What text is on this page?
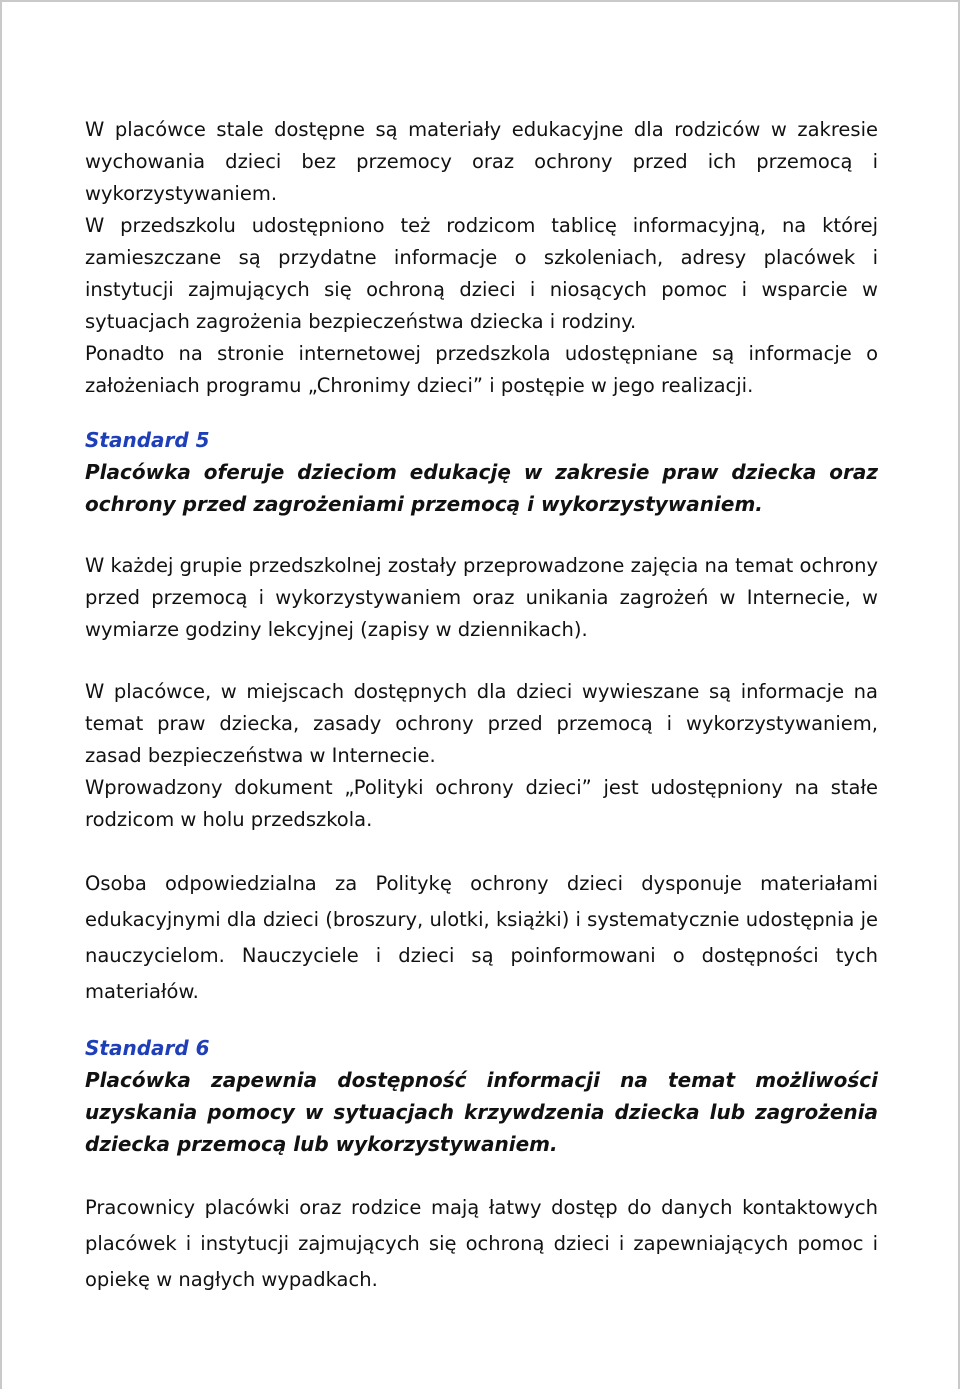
W placówce stale dostępne są materiały edukacyjne dla rodziców w zakresie wychowania dzieci bez przemocy oraz ochrony przed ich przemocą i wykorzystywaniem.

W przedszkolu udostępniono też rodzicom tablicę informacyjną, na której zamieszczane są przydatne informacje o szkoleniach, adresy placówek i instytucji zajmujących się ochroną dzieci i niosących pomoc i wsparcie w sytuacjach zagrożenia bezpieczeństwa dziecka i rodziny.

Ponadto na stronie internetowej przedszkola udostępniane są informacje o założeniach programu „Chronimy dzieci” i postępie w jego realizacji.

Standard 5

Placówka oferuje dzieciom edukację w zakresie praw dziecka oraz ochrony przed zagrożeniami przemocą i wykorzystywaniem.

W każdej grupie przedszkolnej zostały przeprowadzone zajęcia na temat ochrony przed przemocą i wykorzystywaniem oraz unikania zagrożeń w Internecie, w wymiarze godziny lekcyjnej (zapisy w dziennikach).

W placówce, w miejscach dostępnych dla dzieci wywieszane są informacje na temat praw dziecka, zasady ochrony przed przemocą i wykorzystywaniem, zasad bezpieczeństwa w Internecie.

Wprowadzony dokument „Polityki ochrony dzieci” jest udostępniony na stałe rodzicom w holu przedszkola.

Osoba odpowiedzialna za Politykę ochrony dzieci dysponuje materiałami edukacyjnymi dla dzieci (broszury, ulotki, książki) i systematycznie udostępnia je nauczycielom. Nauczyciele i dzieci są poinformowani o dostępności tych materiałów.

Standard 6

Placówka zapewnia dostępność informacji na temat możliwości uzyskania pomocy w sytuacjach krzywdzenia dziecka lub zagrożenia dziecka przemocą lub wykorzystywaniem.

Pracownicy placówki oraz rodzice mają łatwy dostęp do danych kontaktowych placówek i instytucji zajmujących się ochroną dzieci i zapewniających pomoc i opiekę w nagłych wypadkach.
